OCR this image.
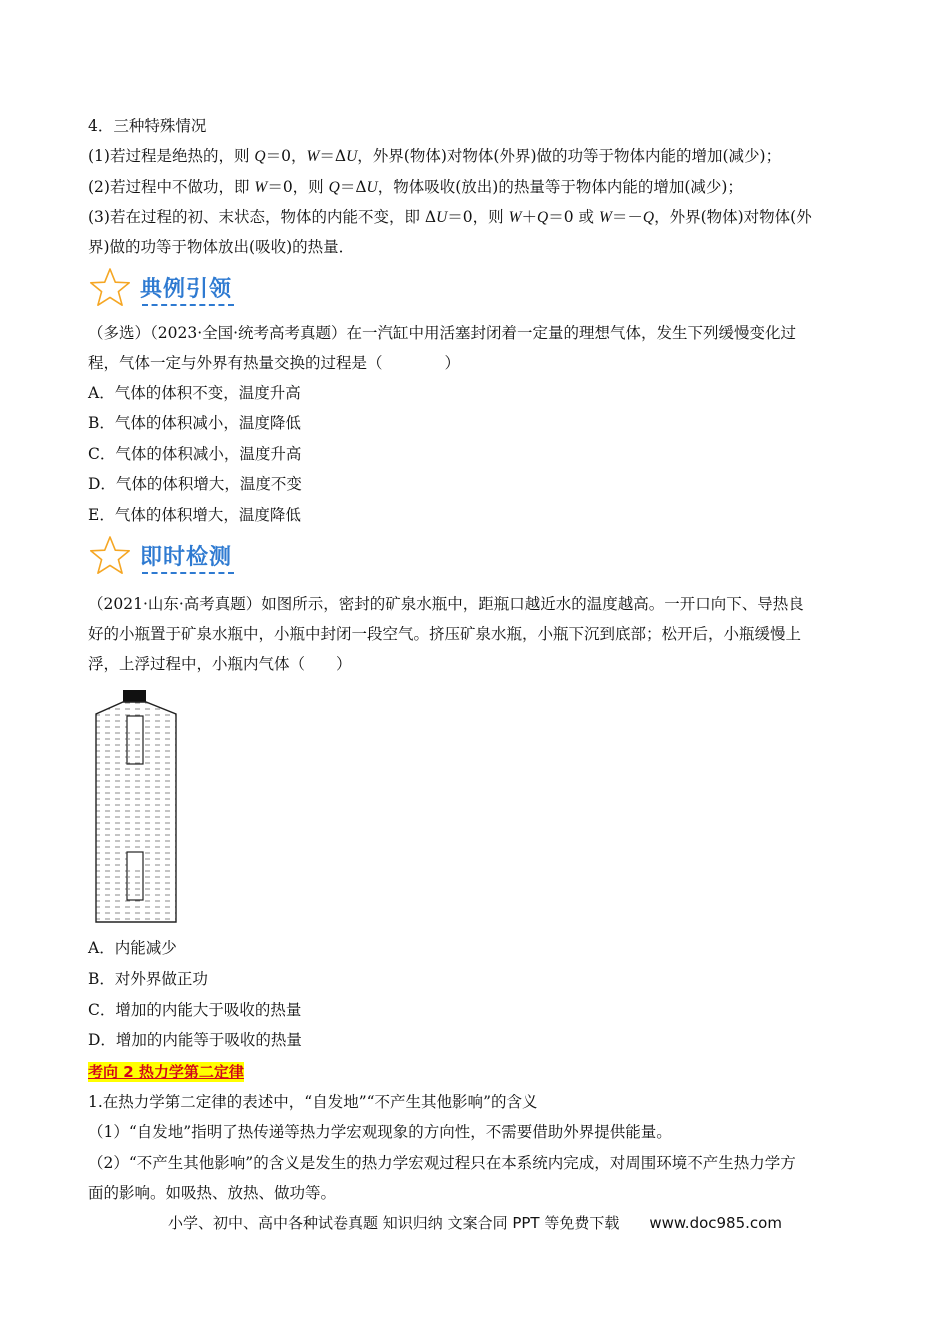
4．三种特殊情况
(1)若过程是绝热的，则 Q＝0，W＝ΔU，外界(物体)对物体(外界)做的功等于物体内能的增加(减少)；
(2)若过程中不做功，即 W＝0，则 Q＝ΔU，物体吸收(放出)的热量等于物体内能的增加(减少)；
(3)若在过程的初、末状态，物体的内能不变，即 ΔU＝0，则 W＋Q＝0 或 W＝－Q，外界(物体)对物体(外
界)做的功等于物体放出(吸收)的热量．
典例引领
（多选）（2023·全国·统考高考真题）在一汽缸中用活塞封闭着一定量的理想气体，发生下列缓慢变化过
程，气体一定与外界有热量交换的过程是（　　　　）
A．气体的体积不变，温度升高
B．气体的体积减小，温度降低
C．气体的体积减小，温度升高
D．气体的体积增大，温度不变
E．气体的体积增大，温度降低
即时检测
（2021·山东·高考真题）如图所示，密封的矿泉水瓶中，距瓶口越近水的温度越高。一开口向下、导热良
好的小瓶置于矿泉水瓶中，小瓶中封闭一段空气。挤压矿泉水瓶，小瓶下沉到底部；松开后，小瓶缓慢上
浮，上浮过程中，小瓶内气体（　　）
A．内能减少
B．对外界做正功
C．增加的内能大于吸收的热量
D．增加的内能等于吸收的热量
考向 2 热力学第二定律
1.在热力学第二定律的表述中，“自发地”“不产生其他影响”的含义
（1）“自发地”指明了热传递等热力学宏观现象的方向性，不需要借助外界提供能量。
（2）“不产生其他影响”的含义是发生的热力学宏观过程只在本系统内完成，对周围环境不产生热力学方
面的影响。如吸热、放热、做功等。
小学、初中、高中各种试卷真题 知识归纳 文案合同 PPT 等免费下载 www.doc985.com
